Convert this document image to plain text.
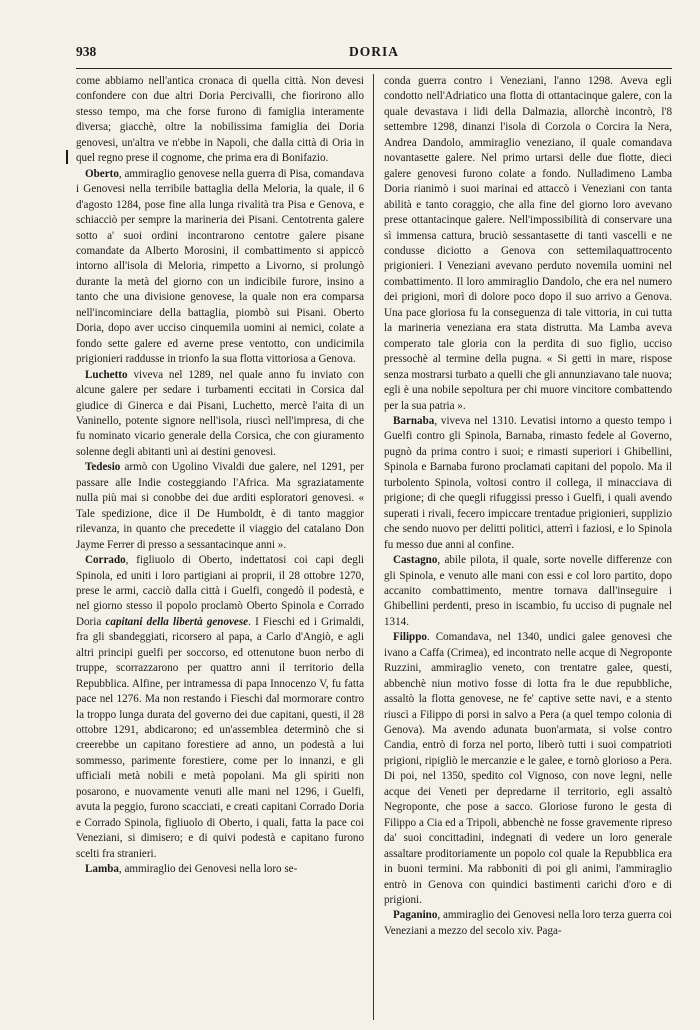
938	DORIA

come abbiamo nell'antica cronaca di quella città. Non devesi confondere con due altri Doria Percivalli, che fiorirono allo stesso tempo, ma che forse furono di famiglia interamente diversa; giacchè, oltre la nobilissima famiglia dei Doria genovesi, un'altra ve n'ebbe in Napoli, che dalla città di Oria in quel regno prese il cognome, che prima era di Bonifazio.

Oberto, ammiraglio genovese nella guerra di Pisa, comandava i Genovesi nella terribile battaglia della Meloria, la quale, il 6 d'agosto 1284, pose fine alla lunga rivalità tra Pisa e Genova, e schiacciò per sempre la marineria dei Pisani. Centotrenta galere sotto a' suoi ordini incontrarono centotre galere pisane comandate da Alberto Morosini, il combattimento si appiccò intorno all'isola di Meloria, rimpetto a Livorno, si prolungò durante la metà del giorno con un indicibile furore, insino a tanto che una divisione genovese, la quale non era comparsa nell'incominciare della battaglia, piombò sui Pisani. Oberto Doria, dopo aver ucciso cinquemila uomini ai nemici, colate a fondo sette galere ed averne prese ventotto, con undicimila prigionieri raddusse in trionfo la sua flotta vittoriosa a Genova.

Luchetto viveva nel 1289, nel quale anno fu inviato con alcune galere per sedare i turbamenti eccitati in Corsica dal giudice di Ginerca e dai Pisani, Luchetto, mercè l'aita di un Vaninello, potente signore nell'isola, riuscì nell'impresa, di che fu nominato vicario generale della Corsica, che con giuramento solenne degli abitanti unì ai destini genovesi.

Tedesio armò con Ugolino Vivaldi due galere, nel 1291, per passare alle Indie costeggiando l'Africa. Ma sgraziatamente nulla più mai si conobbe dei due arditi esploratori genovesi. « Tale spedizione, dice il De Humboldt, è di tanto maggior rilevanza, in quanto che precedette il viaggio del catalano Don Jayme Ferrer di presso a sessantacinque anni ».

Corrado, figliuolo di Oberto, indettatosi coi capi degli Spinola, ed uniti i loro partigiani ai proprii, il 28 ottobre 1270, prese le armi, cacciò dalla città i Guelfi, congedò il podestà, e nel giorno stesso il popolo proclamò Oberto Spinola e Corrado Doria capitani della libertà genovese. I Fieschi ed i Grimaldi, fra gli sbandeggiati, ricorsero al papa, a Carlo d'Angiò, e agli altri principi guelfi per soccorso, ed ottenutone buon nerbo di truppe, scorrazzarono per quattro anni il territorio della Repubblica. Alfine, per intramessa di papa Innocenzo V, fu fatta pace nel 1276. Ma non restando i Fieschi dal mormorare contro la troppo lunga durata del governo dei due capitani, questi, il 28 ottobre 1291, abdicarono; ed un'assemblea determinò che si creerebbe un capitano forestiere ad anno, un podestà a lui sommesso, parimente forestiere, come per lo innanzi, e gli ufficiali metà nobili e metà popolani. Ma gli spiriti non posarono, e nuovamente venuti alle mani nel 1296, i Guelfi, avuta la peggio, furono scacciati, e creati capitani Corrado Doria e Corrado Spinola, figliuolo di Oberto, i quali, fatta la pace coi Veneziani, si dimisero; e di quivi podestà e capitano furono scelti fra stranieri.

Lamba, ammiraglio dei Genovesi nella loro se-

conda guerra contro i Veneziani, l'anno 1298. Aveva egli condotto nell'Adriatico una flotta di ottantacinque galere, con la quale devastava i lidi della Dalmazia, allorchè incontrò, l'8 settembre 1298, dinanzi l'isola di Corzola o Corcira la Nera, Andrea Dandolo, ammiraglio veneziano, il quale comandava novantasette galere. Nel primo urtarsi delle due flotte, dieci galere genovesi furono colate a fondo. Nulladimeno Lamba Doria rianimò i suoi marinai ed attaccò i Veneziani con tanta abilità e tanto coraggio, che alla fine del giorno loro avevano prese ottantacinque galere. Nell'impossibilità di conservare una sì immensa cattura, bruciò sessantasette di tanti vascelli e ne condusse diciotto a Genova con settemilaquattrocento prigionieri. I Veneziani avevano perduto novemila uomini nel combattimento. Il loro ammiraglio Dandolo, che era nel numero dei prigioni, morì di dolore poco dopo il suo arrivo a Genova. Una pace gloriosa fu la conseguenza di tale vittoria, in cui tutta la marineria veneziana era stata distrutta. Ma Lamba aveva comperato tale gloria con la perdita di suo figlio, ucciso pressochè al termine della pugna. « Si getti in mare, rispose senza mostrarsi turbato a quelli che gli annunziavano tale nuova; egli è una nobile sepoltura per chi muore vincitore combattendo per la sua patria ».

Barnaba, viveva nel 1310. Levatisi intorno a questo tempo i Guelfi contro gli Spinola, Barnaba, rimasto fedele al Governo, pugnò da prima contro i suoi; e rimasti superiori i Ghibellini, Spinola e Barnaba furono proclamati capitani del popolo. Ma il turbolento Spinola, voltosi contro il collega, il minacciava di prigione; di che quegli rifuggissi presso i Guelfi, i quali avendo superati i rivali, fecero impiccare trentadue prigionieri, supplizio che sendo nuovo per delitti politici, atterrì i faziosi, e lo Spinola fu messo due anni al confine.

Castagno, abile pilota, il quale, sorte novelle differenze con gli Spinola, e venuto alle mani con essi e col loro partito, dopo accanito combattimento, mentre tornava dall'inseguire i Ghibellini perdenti, preso in iscambio, fu ucciso di pugnale nel 1314.

Filippo. Comandava, nel 1340, undici galee genovesi che ivano a Caffa (Crimea), ed incontrato nelle acque di Negroponte Ruzzini, ammiraglio veneto, con trentatre galee, questi, abbenchè niun motivo fosse di lotta fra le due repubbliche, assaltò la flotta genovese, ne fe' captive sette navi, e a stento riuscì a Filippo di porsi in salvo a Pera (a quel tempo colonia di Genova). Ma avendo adunata buon'armata, si volse contro Candia, entrò di forza nel porto, liberò tutti i suoi compatrioti prigioni, ripigliò le mercanzie e le galee, e tornò glorioso a Pera. Di poi, nel 1350, spedito col Vignoso, con nove legni, nelle acque dei Veneti per depredarne il territorio, egli assaltò Negroponte, che pose a sacco. Gloriose furono le gesta di Filippo a Cia ed a Tripoli, abbenchè ne fosse gravemente ripreso da' suoi concittadini, indegnati di vedere un loro generale assaltare proditoriamente un popolo col quale la Repubblica era in buoni termini. Ma rabboniti di poi gli animi, l'ammiraglio entrò in Genova con quindici bastimenti carichi d'oro e di prigioni.

Paganino, ammiraglio dei Genovesi nella loro terza guerra coi Veneziani a mezzo del secolo xiv. Paga-
